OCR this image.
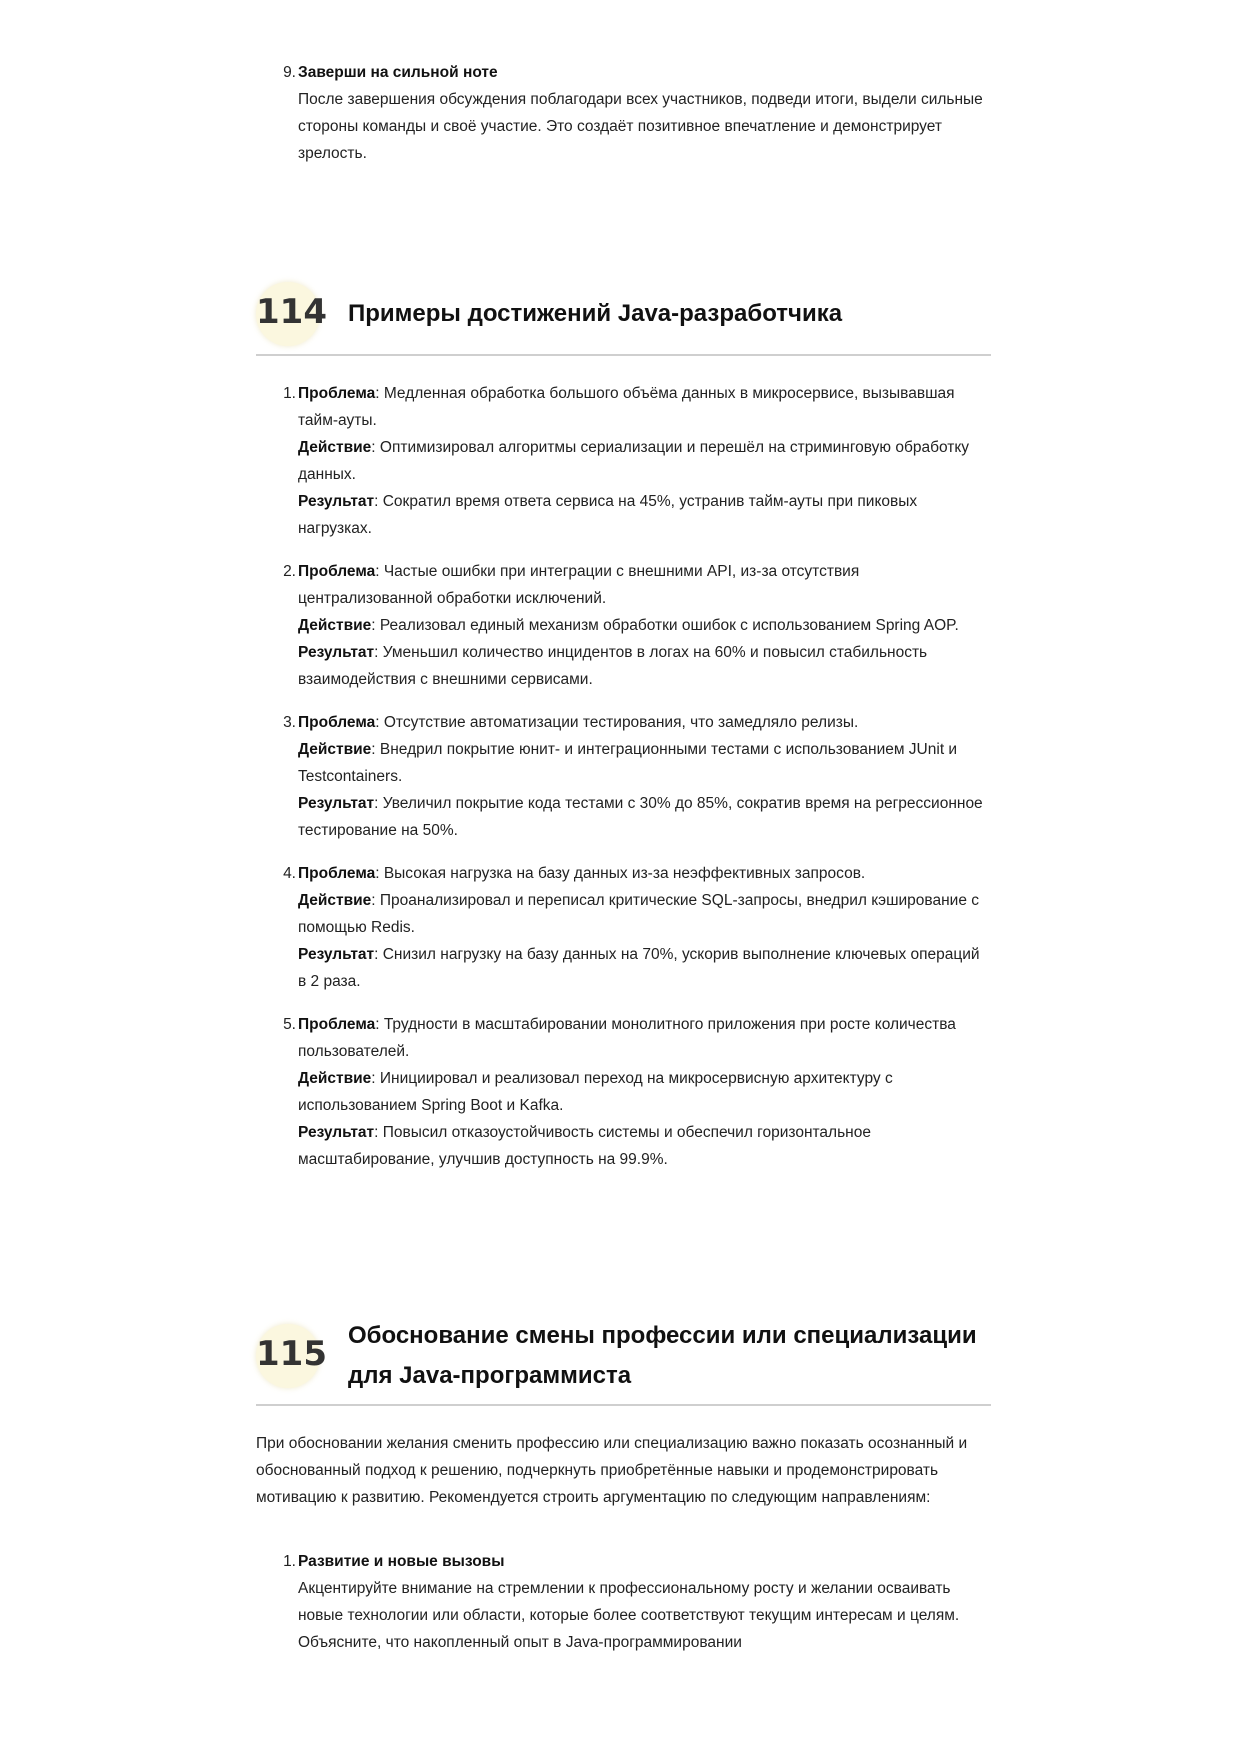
9. Заверши на сильной ноте
После завершения обсуждения поблагодари всех участников, подведи итоги, выдели сильные стороны команды и своё участие. Это создаёт позитивное впечатление и демонстрирует зрелость.
114 Примеры достижений Java-разработчика
1. Проблема: Медленная обработка большого объёма данных в микросервисе, вызывавшая тайм-ауты.
Действие: Оптимизировал алгоритмы сериализации и перешёл на стриминговую обработку данных.
Результат: Сократил время ответа сервиса на 45%, устранив тайм-ауты при пиковых нагрузках.
2. Проблема: Частые ошибки при интеграции с внешними API, из-за отсутствия централизованной обработки исключений.
Действие: Реализовал единый механизм обработки ошибок с использованием Spring AOP.
Результат: Уменьшил количество инцидентов в логах на 60% и повысил стабильность взаимодействия с внешними сервисами.
3. Проблема: Отсутствие автоматизации тестирования, что замедляло релизы.
Действие: Внедрил покрытие юнит- и интеграционными тестами с использованием JUnit и Testcontainers.
Результат: Увеличил покрытие кода тестами с 30% до 85%, сократив время на регрессионное тестирование на 50%.
4. Проблема: Высокая нагрузка на базу данных из-за неэффективных запросов.
Действие: Проанализировал и переписал критические SQL-запросы, внедрил кэширование с помощью Redis.
Результат: Снизил нагрузку на базу данных на 70%, ускорив выполнение ключевых операций в 2 раза.
5. Проблема: Трудности в масштабировании монолитного приложения при росте количества пользователей.
Действие: Инициировал и реализовал переход на микросервисную архитектуру с использованием Spring Boot и Kafka.
Результат: Повысил отказоустойчивость системы и обеспечил горизонтальное масштабирование, улучшив доступность на 99.9%.
115 Обоснование смены профессии или специализации для Java-программиста

При обосновании желания сменить профессию или специализацию важно показать осознанный и обоснованный подход к решению, подчеркнуть приобретённые навыки и продемонстрировать мотивацию к развитию. Рекомендуется строить аргументацию по следующим направлениям:

1. Развитие и новые вызовы
Акцентируйте внимание на стремлении к профессиональному росту и желании осваивать новые технологии или области, которые более соответствуют текущим интересам и целям. Объясните, что накопленный опыт в Java-программировании
